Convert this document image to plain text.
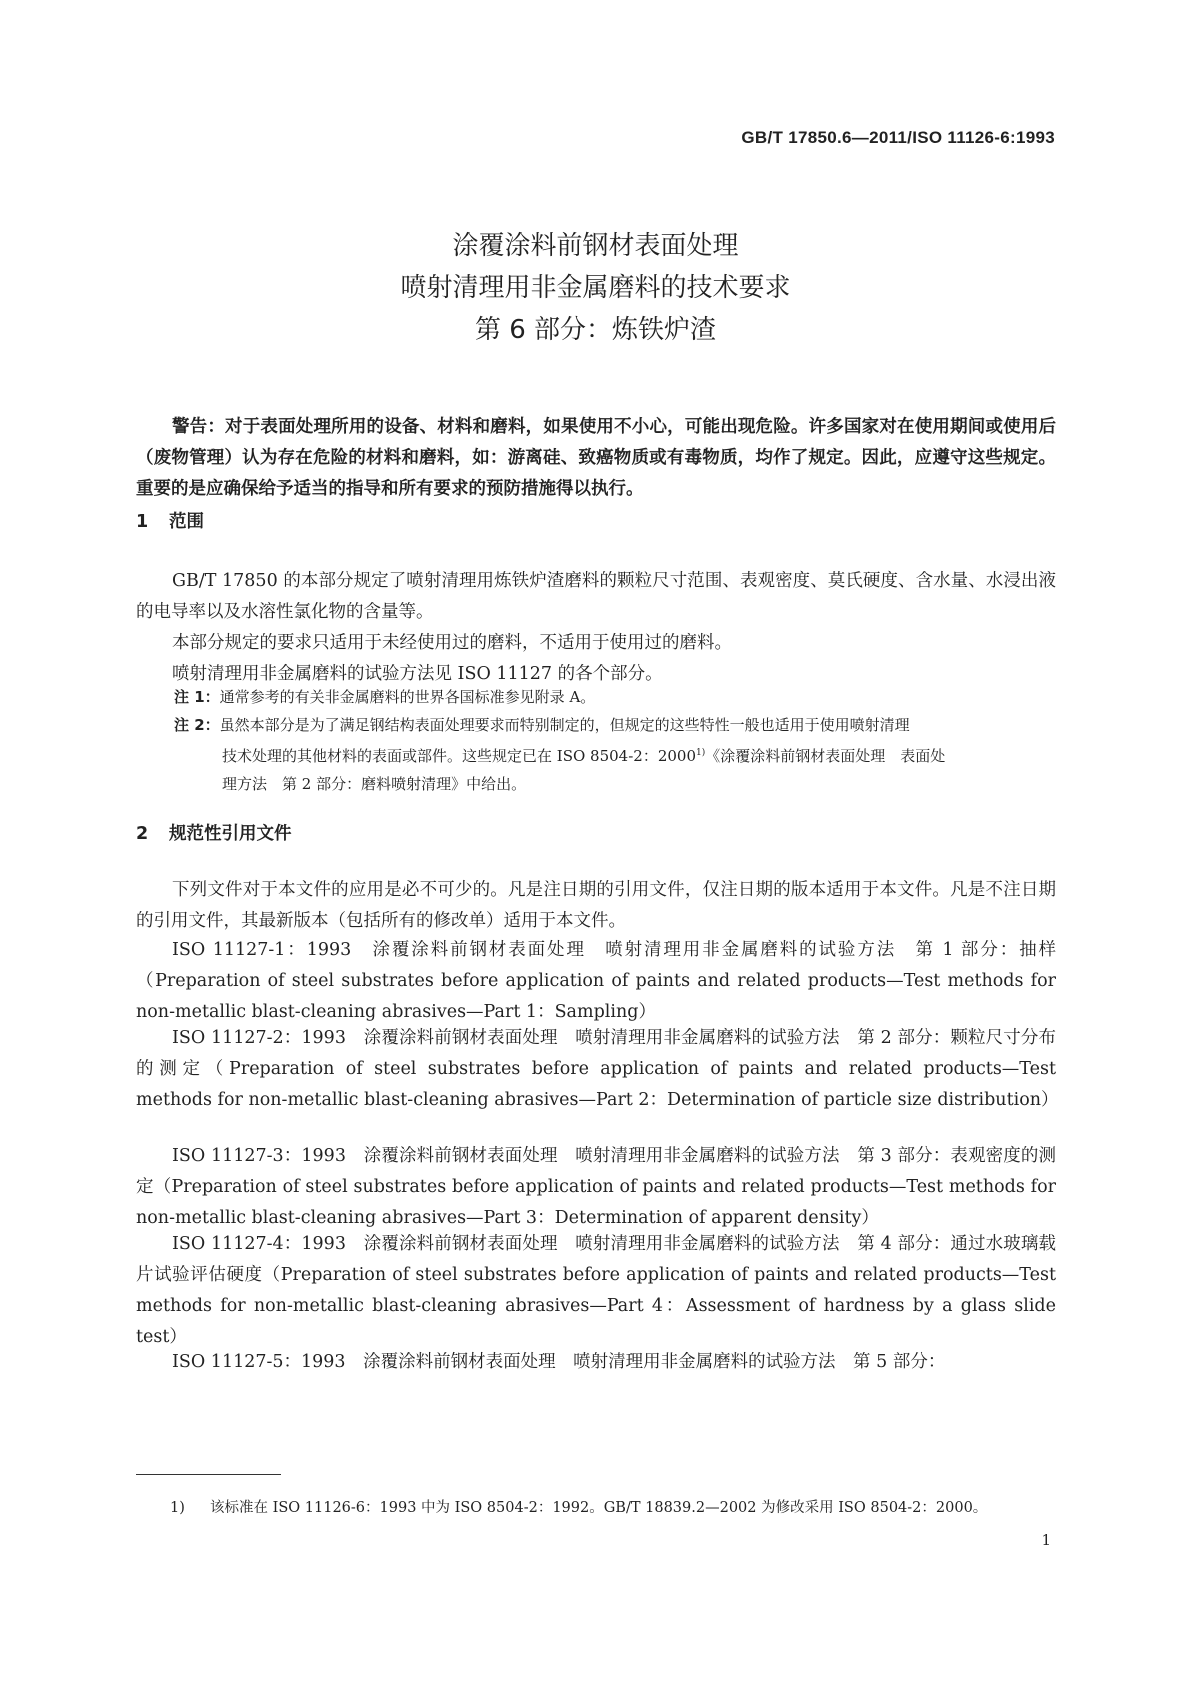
GB/T 17850.6—2011/ISO 11126-6:1993
涂覆涂料前钢材表面处理
喷射清理用非金属磨料的技术要求
第 6 部分：炼铁炉渣
警告：对于表面处理所用的设备、材料和磨料，如果使用不小心，可能出现危险。许多国家对在使用期间或使用后（废物管理）认为存在危险的材料和磨料，如：游离硅、致癌物质或有毒物质，均作了规定。因此，应遵守这些规定。重要的是应确保给予适当的指导和所有要求的预防措施得以执行。
1 范围
GB/T 17850 的本部分规定了喷射清理用炼铁炉渣磨料的颗粒尺寸范围、表观密度、莫氏硬度、含水量、水浸出液的电导率以及水溶性氯化物的含量等。
本部分规定的要求只适用于未经使用过的磨料，不适用于使用过的磨料。
喷射清理用非金属磨料的试验方法见 ISO 11127 的各个部分。
注 1：通常参考的有关非金属磨料的世界各国标准参见附录 A。
注 2：虽然本部分是为了满足钢结构表面处理要求而特别制定的，但规定的这些特性一般也适用于使用喷射清理
技术处理的其他材料的表面或部件。这些规定已在 ISO 8504-2：2000$^{1)}$《涂覆涂料前钢材表面处理　表面处
理方法　第 2 部分：磨料喷射清理》中给出。
2 规范性引用文件
下列文件对于本文件的应用是必不可少的。凡是注日期的引用文件，仅注日期的版本适用于本文件。凡是不注日期的引用文件，其最新版本（包括所有的修改单）适用于本文件。
ISO 11127-1：1993　涂覆涂料前钢材表面处理　喷射清理用非金属磨料的试验方法　第 1 部分：抽样（Preparation of steel substrates before application of paints and related products—Test methods for non-metallic blast-cleaning abrasives—Part 1：Sampling）
ISO 11127-2：1993　涂覆涂料前钢材表面处理　喷射清理用非金属磨料的试验方法　第 2 部分：颗粒尺寸分布的测定（Preparation of steel substrates before application of paints and related products—Test methods for non-metallic blast-cleaning abrasives—Part 2：Determination of particle size distribution）
ISO 11127-3：1993　涂覆涂料前钢材表面处理　喷射清理用非金属磨料的试验方法　第 3 部分：表观密度的测定（Preparation of steel substrates before application of paints and related products—Test methods for non-metallic blast-cleaning abrasives—Part 3：Determination of apparent density）
ISO 11127-4：1993　涂覆涂料前钢材表面处理　喷射清理用非金属磨料的试验方法　第 4 部分：通过水玻璃载片试验评估硬度（Preparation of steel substrates before application of paints and related products—Test methods for non-metallic blast-cleaning abrasives—Part 4：Assessment of hardness by a glass slide test）
ISO 11127-5：1993　涂覆涂料前钢材表面处理　喷射清理用非金属磨料的试验方法　第 5 部分：
1) 该标准在 ISO 11126-6：1993 中为 ISO 8504-2：1992。GB/T 18839.2—2002 为修改采用 ISO 8504-2：2000。
1
